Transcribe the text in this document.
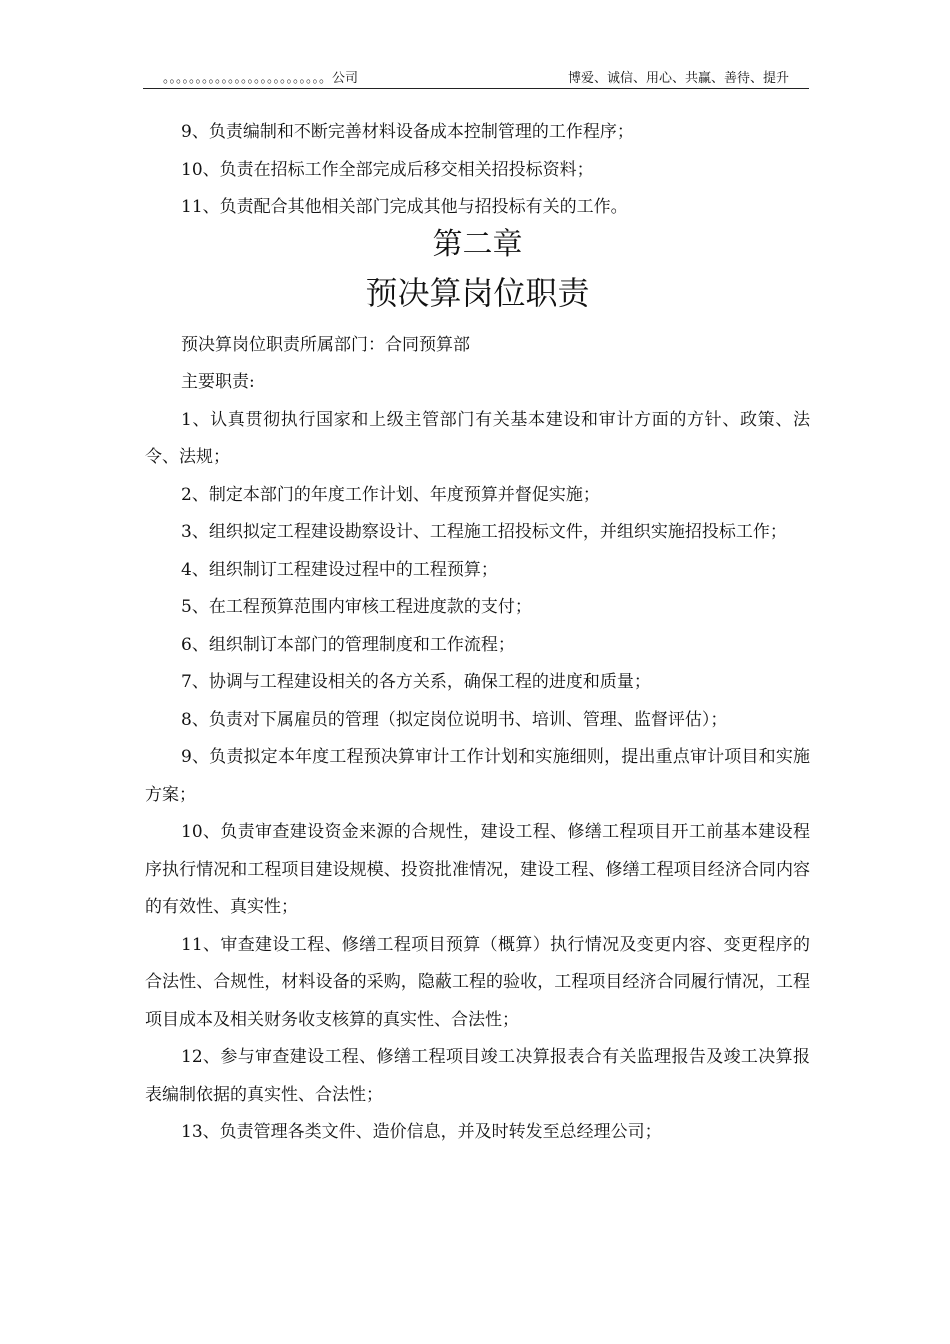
。。。。。。。。。。。。。。。。。。。。。。。。。公司	博爱、诚信、用心、共赢、善待、提升

9、负责编制和不断完善材料设备成本控制管理的工作程序；

10、负责在招标工作全部完成后移交相关招投标资料；

11、负责配合其他相关部门完成其他与招投标有关的工作。

第二章
预决算岗位职责

预决算岗位职责所属部门：合同预算部

主要职责:

1、认真贯彻执行国家和上级主管部门有关基本建设和审计方面的方针、政策、法令、法规；

2、制定本部门的年度工作计划、年度预算并督促实施；

3、组织拟定工程建设勘察设计、工程施工招投标文件，并组织实施招投标工作；

4、组织制订工程建设过程中的工程预算；

5、在工程预算范围内审核工程进度款的支付；

6、组织制订本部门的管理制度和工作流程；

7、协调与工程建设相关的各方关系，确保工程的进度和质量；

8、负责对下属雇员的管理（拟定岗位说明书、培训、管理、监督评估）；

9、负责拟定本年度工程预决算审计工作计划和实施细则，提出重点审计项目和实施方案；

10、负责审查建设资金来源的合规性，建设工程、修缮工程项目开工前基本建设程序执行情况和工程项目建设规模、投资批准情况，建设工程、修缮工程项目经济合同内容的有效性、真实性；

11、审查建设工程、修缮工程项目预算（概算）执行情况及变更内容、变更程序的合法性、合规性，材料设备的采购，隐蔽工程的验收，工程项目经济合同履行情况，工程项目成本及相关财务收支核算的真实性、合法性；

12、参与审查建设工程、修缮工程项目竣工决算报表合有关监理报告及竣工决算报表编制依据的真实性、合法性；

13、负责管理各类文件、造价信息，并及时转发至总经理公司；
